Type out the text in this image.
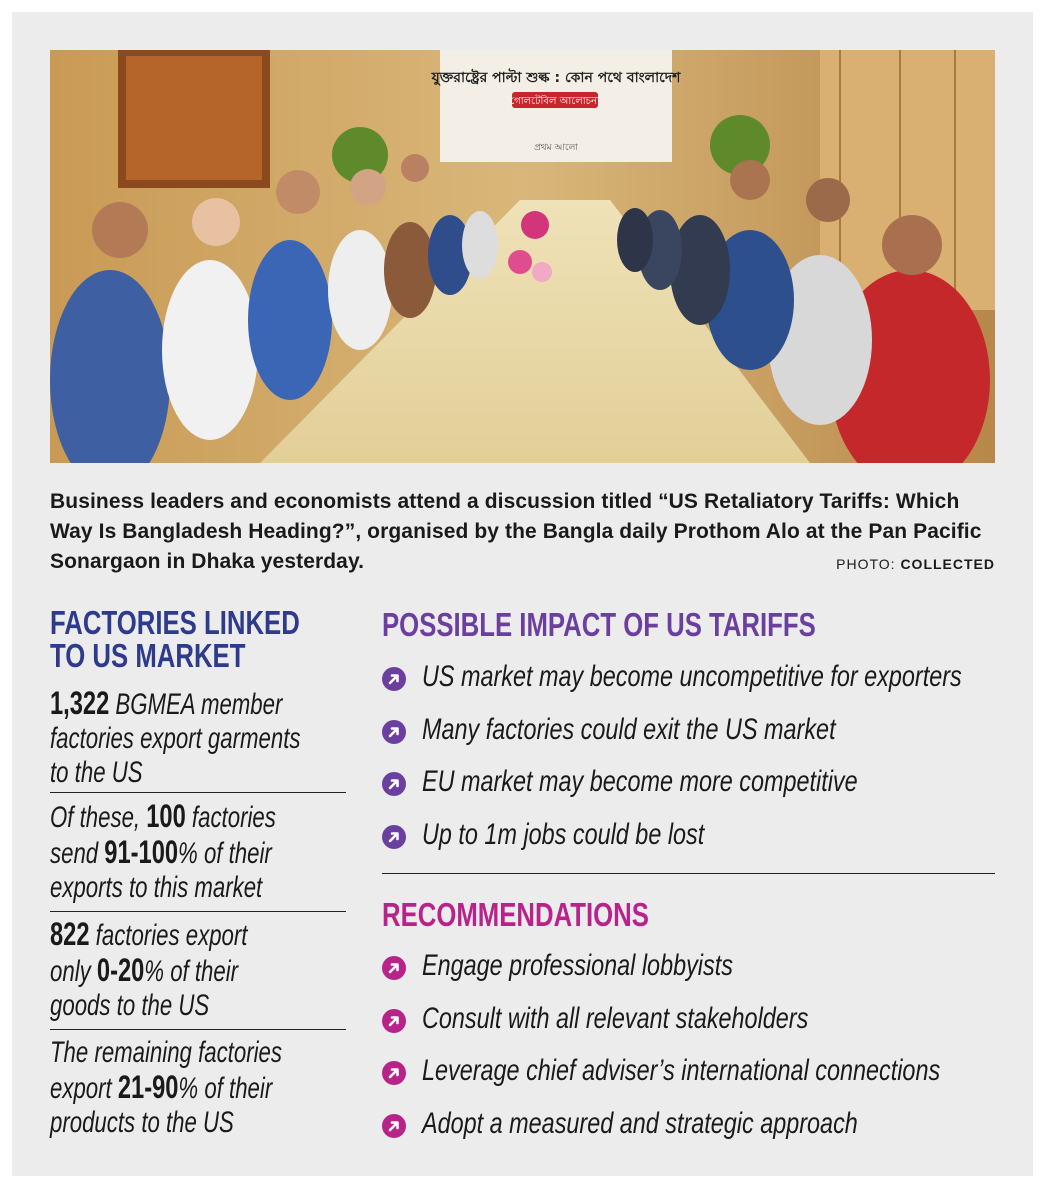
যুক্তরাষ্ট্রের পাল্টা শুল্ক : কোন পথে বাংলাদেশ
গোলটেবিল আলোচনা
প্রথম আলো
Business leaders and economists attend a discussion titled “US Retaliatory Tariffs: Which Way Is Bangladesh Heading?”, organised by the Bangla daily Prothom Alo at the Pan Pacific Sonargaon in Dhaka yesterday.	PHOTO: COLLECTED
FACTORIES LINKED
TO US MARKET
1,322 BGMEA member
factories export garments
to the US
Of these, 100 factories
send 91-100% of their
exports to this market
822 factories export
only 0-20% of their
goods to the US
The remaining factories
export 21-90% of their
products to the US
POSSIBLE IMPACT OF US TARIFFS
US market may become uncompetitive for exporters
Many factories could exit the US market
EU market may become more competitive
Up to 1m jobs could be lost
RECOMMENDATIONS
Engage professional lobbyists
Consult with all relevant stakeholders
Leverage chief adviser’s international connections
Adopt a measured and strategic approach
